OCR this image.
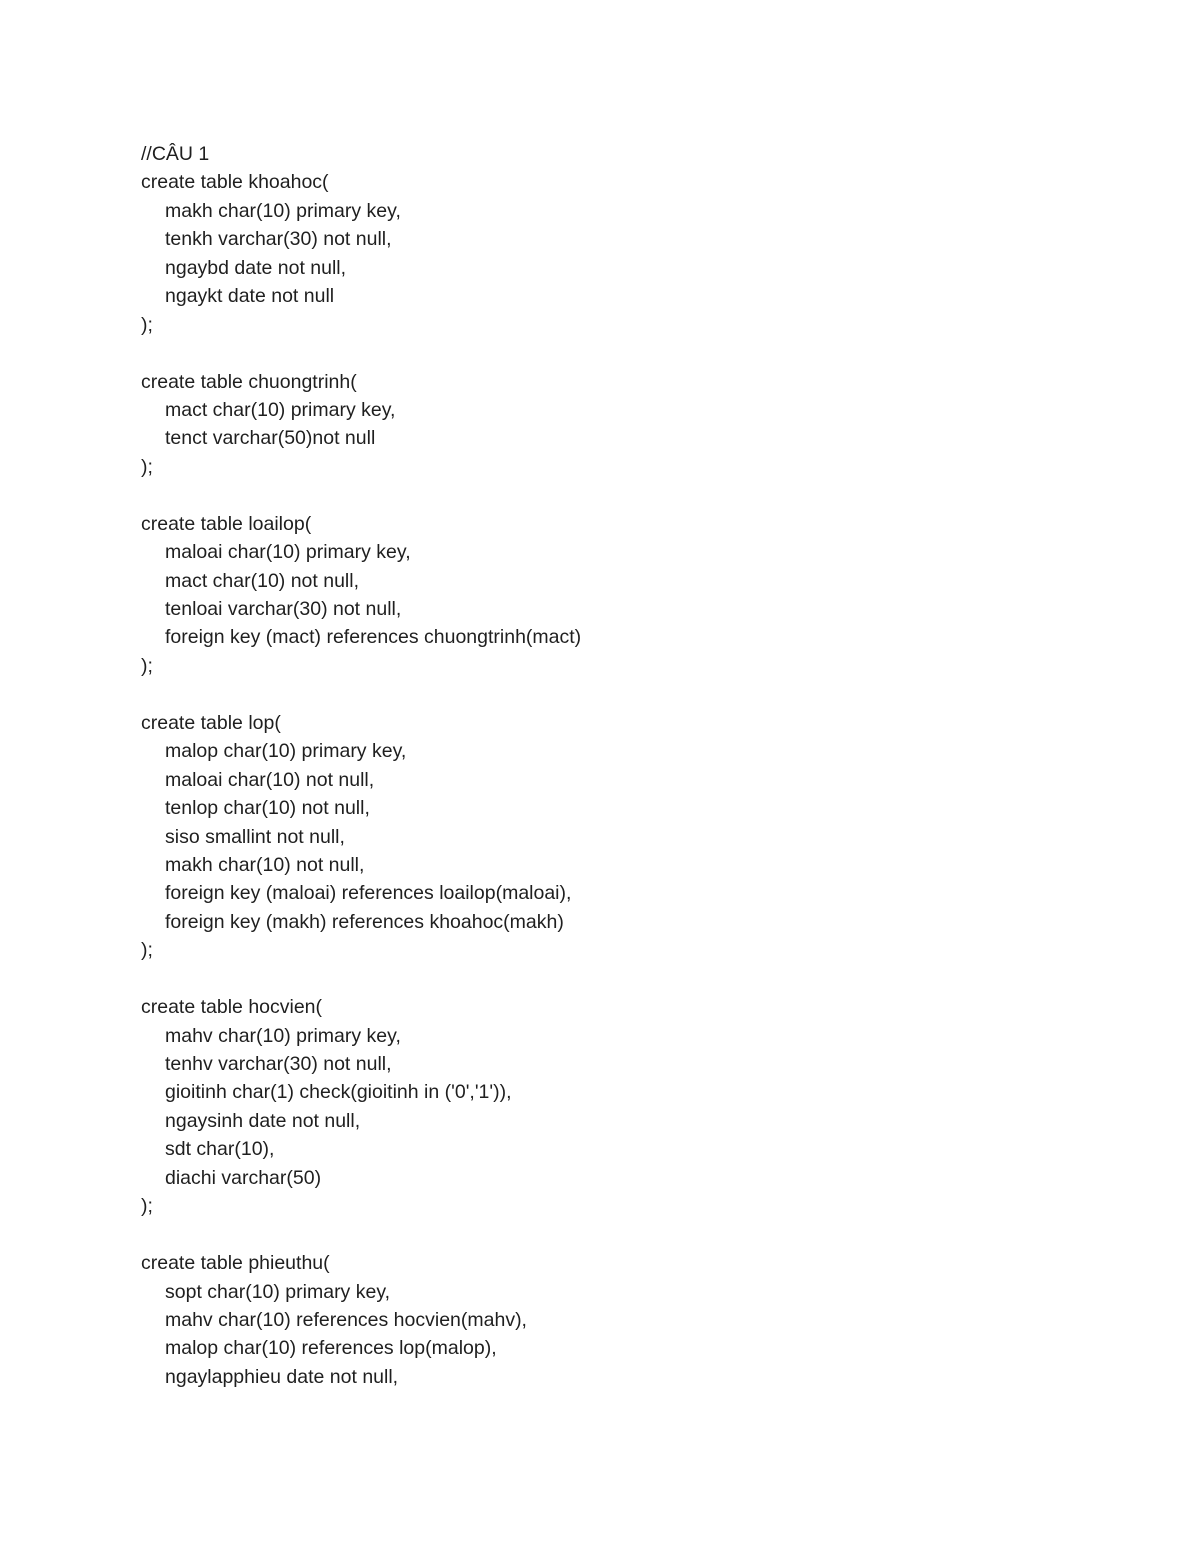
//CÂU 1
create table khoahoc(
makh char(10) primary key,
tenkh varchar(30) not null,
ngaybd date not null,
ngaykt date not null
);
create table chuongtrinh(
mact char(10) primary key,
tenct varchar(50)not null
);
create table loailop(
maloai char(10) primary key,
mact char(10) not null,
tenloai varchar(30) not null,
foreign key (mact) references chuongtrinh(mact)
);
create table lop(
malop char(10) primary key,
maloai char(10) not null,
tenlop char(10) not null,
siso smallint not null,
makh char(10) not null,
foreign key (maloai) references loailop(maloai),
foreign key (makh) references khoahoc(makh)
);
create table hocvien(
mahv char(10) primary key,
tenhv varchar(30) not null,
gioitinh char(1) check(gioitinh in ('0','1')),
ngaysinh date not null,
sdt char(10),
diachi varchar(50)
);
create table phieuthu(
sopt char(10) primary key,
mahv char(10) references hocvien(mahv),
malop char(10) references lop(malop),
ngaylapphieu date not null,
